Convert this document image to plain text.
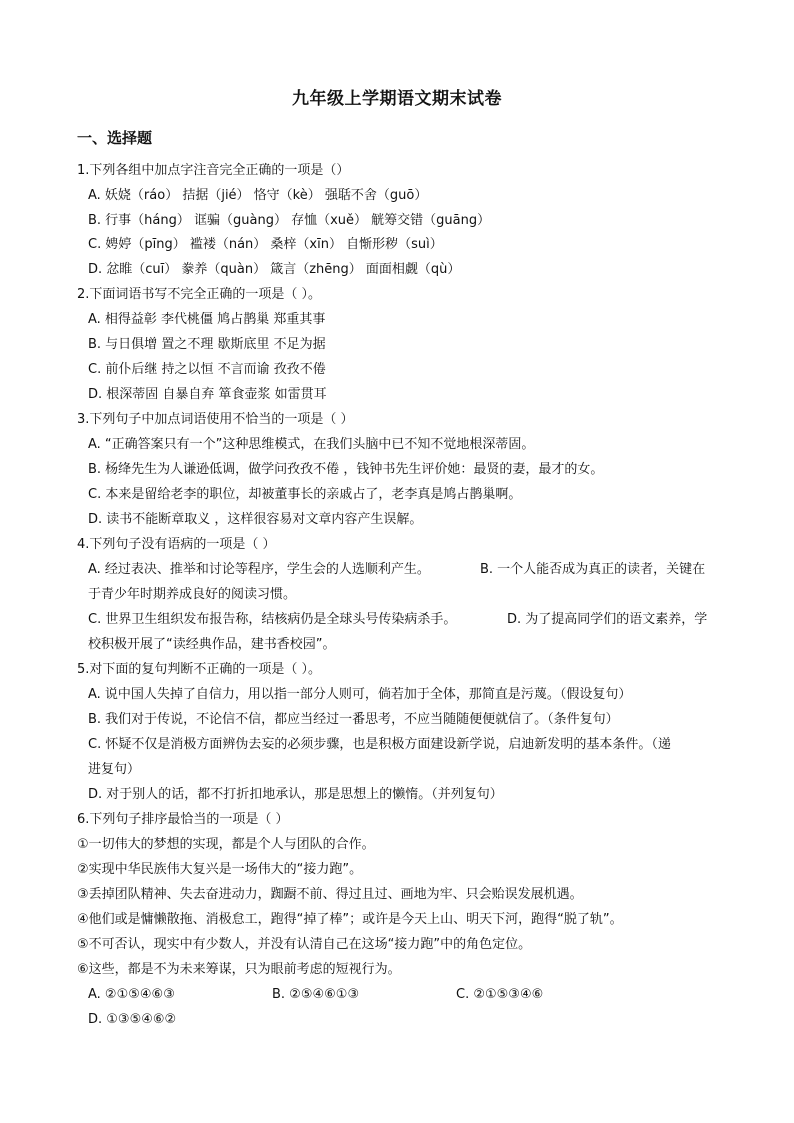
九年级上学期语文期末试卷
一、选择题
1.下列各组中加点字注音完全正确的一项是（）
A. 妖娆（ráo） 拮据（jié） 恪守（kè） 强聒不舍（guō）
B. 行事（háng） 诓骗（guàng） 存恤（xuě） 觥筹交错（guāng）
C. 娉婷（pīng） 褴褛（nán） 桑梓（xīn） 自惭形秽（suì）
D. 忿睢（cuī） 豢养（quàn） 箴言（zhēng） 面面相觑（qù）
2.下面词语书写不完全正确的一项是（ ）。
A. 相得益彰 李代桃僵 鸠占鹊巢 郑重其事
B. 与日俱增 置之不理 歇斯底里 不足为据
C. 前仆后继 持之以恒 不言而谕 孜孜不倦
D. 根深蒂固 自暴自弃 箪食壶浆 如雷贯耳
3.下列句子中加点词语使用不恰当的一项是（ ）
A. “正确答案只有一个”这种思维模式，在我们头脑中已不知不觉地根深蒂固。
B. 杨绛先生为人谦逊低调，做学问孜孜不倦 ，钱钟书先生评价她：最贤的妻，最才的女。
C. 本来是留给老李的职位，却被董事长的亲戚占了，老李真是鸠占鹊巢啊。
D. 读书不能断章取义 ，这样很容易对文章内容产生误解。
4.下列句子没有语病的一项是（ ）
A. 经过表决、推举和讨论等程序，学生会的人选顺利产生。	B. 一个人能否成为真正的读者，关键在
于青少年时期养成良好的阅读习惯。
C. 世界卫生组织发布报告称，结核病仍是全球头号传染病杀手。	D. 为了提高同学们的语文素养，学
校积极开展了“读经典作品，建书香校园”。
5.对下面的复句判断不正确的一项是（ ）。
A. 说中国人失掉了自信力，用以指一部分人则可，倘若加于全体，那简直是污蔑。（假设复句）
B. 我们对于传说，不论信不信，都应当经过一番思考，不应当随随便便就信了。（条件复句）
C. 怀疑不仅是消极方面辨伪去妄的必须步骤，也是积极方面建设新学说，启迪新发明的基本条件。（递
进复句）
D. 对于别人的话，都不打折扣地承认，那是思想上的懒惰。（并列复句）
6.下列句子排序最恰当的一项是（ ）
①一切伟大的梦想的实现，都是个人与团队的合作。
②实现中华民族伟大复兴是一场伟大的“接力跑”。
③丢掉团队精神、失去奋进动力，踟蹰不前、得过且过、画地为牢、只会贻误发展机遇。
④他们或是慵懒散拖、消极怠工，跑得“掉了棒”；或许是今天上山、明天下河，跑得“脱了轨”。
⑤不可否认，现实中有少数人，并没有认清自己在这场“接力跑”中的角色定位。
⑥这些，都是不为未来筹谋，只为眼前考虑的短视行为。
A. ②①⑤④⑥③	B. ②⑤④⑥①③	C. ②①⑤③④⑥
D. ①③⑤④⑥②
